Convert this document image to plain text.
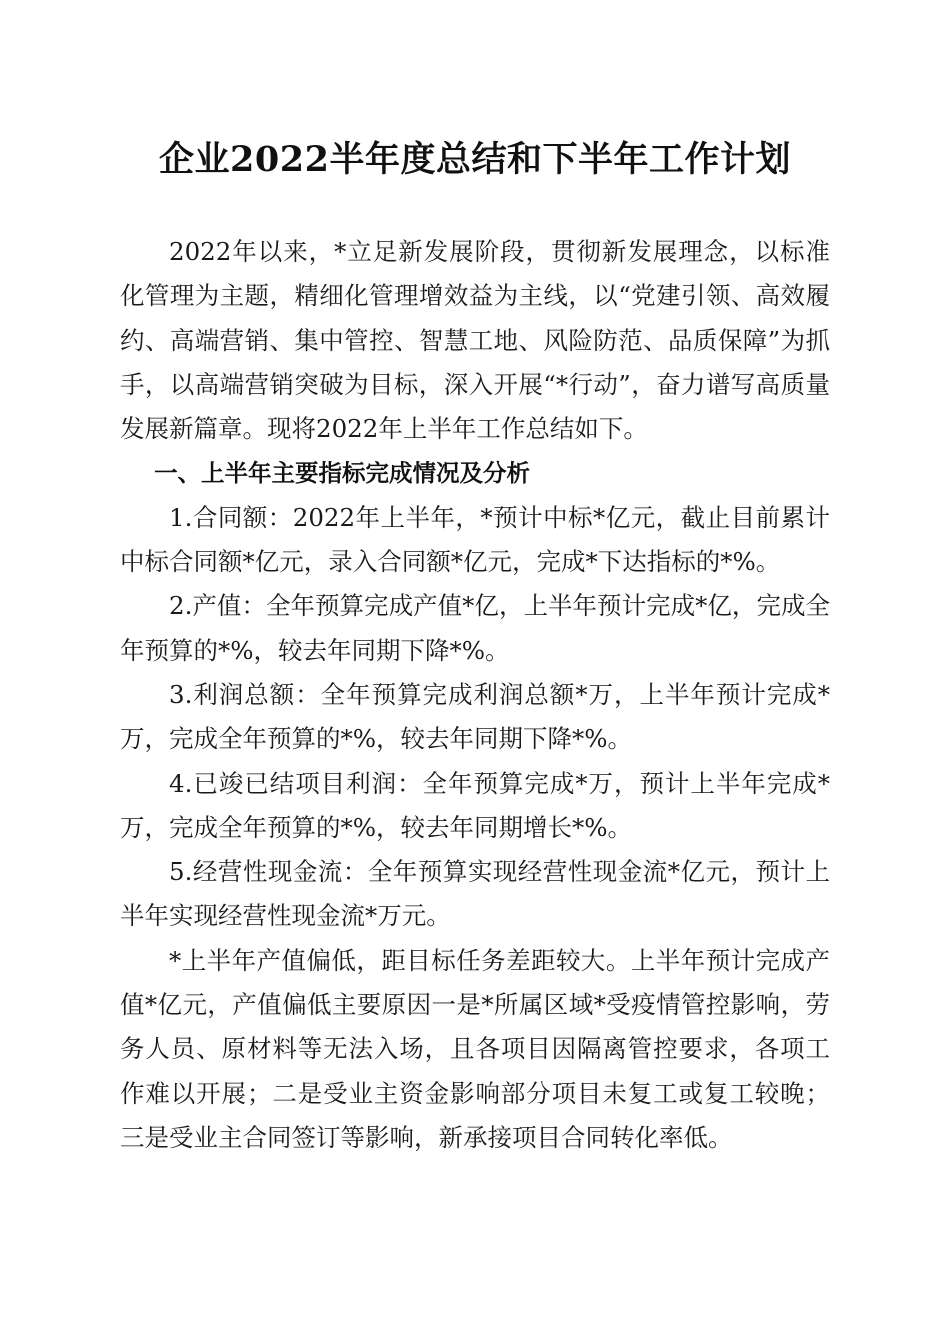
企业2022半年度总结和下半年工作计划

2022年以来，*立足新发展阶段，贯彻新发展理念，以标准化管理为主题，精细化管理增效益为主线，以“党建引领、高效履约、高端营销、集中管控、智慧工地、风险防范、品质保障”为抓手，以高端营销突破为目标，深入开展“*行动”，奋力谱写高质量发展新篇章。现将2022年上半年工作总结如下。

一、上半年主要指标完成情况及分析

1.合同额：2022年上半年，*预计中标*亿元，截止目前累计中标合同额*亿元，录入合同额*亿元，完成*下达指标的*%。

2.产值：全年预算完成产值*亿，上半年预计完成*亿，完成全年预算的*%，较去年同期下降*%。

3.利润总额：全年预算完成利润总额*万，上半年预计完成*万，完成全年预算的*%，较去年同期下降*%。

4.已竣已结项目利润：全年预算完成*万，预计上半年完成*万，完成全年预算的*%，较去年同期增长*%。

5.经营性现金流：全年预算实现经营性现金流*亿元，预计上半年实现经营性现金流*万元。

*上半年产值偏低，距目标任务差距较大。上半年预计完成产值*亿元，产值偏低主要原因一是*所属区域*受疫情管控影响，劳务人员、原材料等无法入场，且各项目因隔离管控要求，各项工作难以开展；二是受业主资金影响部分项目未复工或复工较晚；三是受业主合同签订等影响，新承接项目合同转化率低。
